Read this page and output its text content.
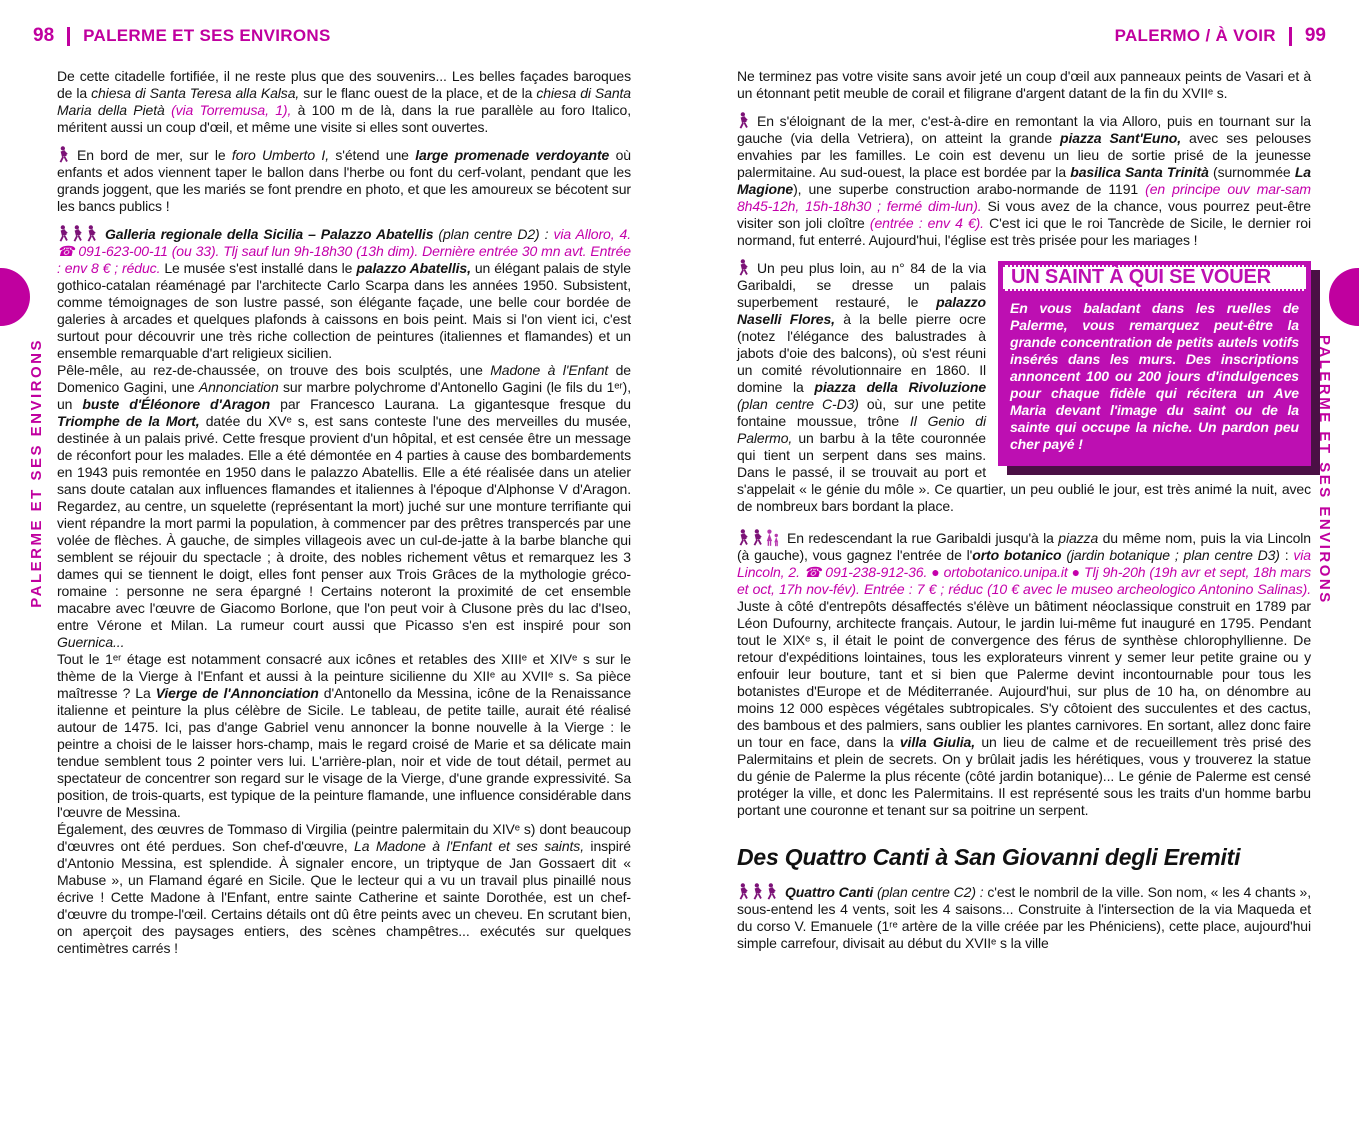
98 PALERME ET SES ENVIRONS	PALERMO / À VOIR 99
PALERME ET SES ENVIRONS	PALERME ET SES ENVIRONS

De cette citadelle fortifiée, il ne reste plus que des souvenirs... Les belles façades baroques de la chiesa di Santa Teresa alla Kalsa, sur le flanc ouest de la place, et de la chiesa di Santa Maria della Pietà (via Torremusa, 1), à 100 m de là, dans la rue parallèle au foro Italico, méritent aussi un coup d'œil, et même une visite si elles sont ouvertes.

En bord de mer, sur le foro Umberto I, s'étend une large promenade verdoyante où enfants et ados viennent taper le ballon dans l'herbe ou font du cerf-volant, pendant que les grands joggent, que les mariés se font prendre en photo, et que les amoureux se bécotent sur les bancs publics !

Galleria regionale della Sicilia – Palazzo Abatellis (plan centre D2) : via Alloro, 4. ☎ 091-623-00-11 (ou 33). Tlj sauf lun 9h-18h30 (13h dim). Dernière entrée 30 mn avt. Entrée : env 8 € ; réduc. Le musée s'est installé dans le palazzo Abatellis, un élégant palais de style gothico-catalan réaménagé par l'architecte Carlo Scarpa dans les années 1950. Subsistent, comme témoignages de son lustre passé, son élégante façade, une belle cour bordée de galeries à arcades et quelques plafonds à caissons en bois peint. Mais si l'on vient ici, c'est surtout pour découvrir une très riche collection de peintures (italiennes et flamandes) et un ensemble remarquable d'art religieux sicilien.

Pêle-mêle, au rez-de-chaussée, on trouve des bois sculptés, une Madone à l'Enfant de Domenico Gagini, une Annonciation sur marbre polychrome d'Antonello Gagini (le fils du 1ᵉʳ), un buste d'Éléonore d'Aragon par Francesco Laurana. La gigantesque fresque du Triomphe de la Mort, datée du XVᵉ s, est sans conteste l'une des merveilles du musée, destinée à un palais privé. Cette fresque provient d'un hôpital, et est censée être un message de réconfort pour les malades. Elle a été démontée en 4 parties à cause des bombardements en 1943 puis remontée en 1950 dans le palazzo Abatellis. Elle a été réalisée dans un atelier sans doute catalan aux influences flamandes et italiennes à l'époque d'Alphonse V d'Aragon. Regardez, au centre, un squelette (représentant la mort) juché sur une monture terrifiante qui vient répandre la mort parmi la population, à commencer par des prêtres transpercés par une volée de flèches. À gauche, de simples villageois avec un cul-de-jatte à la barbe blanche qui semblent se réjouir du spectacle ; à droite, des nobles richement vêtus et remarquez les 3 dames qui se tiennent le doigt, elles font penser aux Trois Grâces de la mythologie gréco-romaine : personne ne sera épargné ! Certains noteront la proximité de cet ensemble macabre avec l'œuvre de Giacomo Borlone, que l'on peut voir à Clusone près du lac d'Iseo, entre Vérone et Milan. La rumeur court aussi que Picasso s'en est inspiré pour son Guernica...

Tout le 1ᵉʳ étage est notamment consacré aux icônes et retables des XIIIᵉ et XIVᵉ s sur le thème de la Vierge à l'Enfant et aussi à la peinture sicilienne du XIIᵉ au XVIIᵉ s. Sa pièce maîtresse ? La Vierge de l'Annonciation d'Antonello da Messina, icône de la Renaissance italienne et peinture la plus célèbre de Sicile. Le tableau, de petite taille, aurait été réalisé autour de 1475. Ici, pas d'ange Gabriel venu annoncer la bonne nouvelle à la Vierge : le peintre a choisi de le laisser hors-champ, mais le regard croisé de Marie et sa délicate main tendue semblent tous 2 pointer vers lui. L'arrière-plan, noir et vide de tout détail, permet au spectateur de concentrer son regard sur le visage de la Vierge, d'une grande expressivité. Sa position, de trois-quarts, est typique de la peinture flamande, une influence considérable dans l'œuvre de Messina.

Également, des œuvres de Tommaso di Virgilia (peintre palermitain du XIVᵉ s) dont beaucoup d'œuvres ont été perdues. Son chef-d'œuvre, La Madone à l'Enfant et ses saints, inspiré d'Antonio Messina, est splendide. À signaler encore, un triptyque de Jan Gossaert dit « Mabuse », un Flamand égaré en Sicile. Que le lecteur qui a vu un travail plus pinaillé nous écrive ! Cette Madone à l'Enfant, entre sainte Catherine et sainte Dorothée, est un chef-d'œuvre du trompe-l'œil. Certains détails ont dû être peints avec un cheveu. En scrutant bien, on aperçoit des paysages entiers, des scènes champêtres... exécutés sur quelques centimètres carrés !

Ne terminez pas votre visite sans avoir jeté un coup d'œil aux panneaux peints de Vasari et à un étonnant petit meuble de corail et filigrane d'argent datant de la fin du XVIIᵉ s.

En s'éloignant de la mer, c'est-à-dire en remontant la via Alloro, puis en tournant sur la gauche (via della Vetriera), on atteint la grande piazza Sant'Euno, avec ses pelouses envahies par les familles. Le coin est devenu un lieu de sortie prisé de la jeunesse palermitaine. Au sud-ouest, la place est bordée par la basilica Santa Trinità (surnommée La Magione), une superbe construction arabo-normande de 1191 (en principe ouv mar-sam 8h45-12h, 15h-18h30 ; fermé dim-lun). Si vous avez de la chance, vous pourrez peut-être visiter son joli cloître (entrée : env 4 €). C'est ici que le roi Tancrède de Sicile, le dernier roi normand, fut enterré. Aujourd'hui, l'église est très prisée pour les mariages !

UN SAINT À QUI SE VOUER
En vous baladant dans les ruelles de Palerme, vous remarquez peut-être la grande concentration de petits autels votifs insérés dans les murs. Des inscriptions annoncent 100 ou 200 jours d'indulgences pour chaque fidèle qui récitera un Ave Maria devant l'image du saint ou de la sainte qui occupe la niche. Un pardon peu cher payé !
Un peu plus loin, au n° 84 de la via Garibaldi, se dresse un palais superbement restauré, le palazzo Naselli Flores, à la belle pierre ocre (notez l'élégance des balustrades à jabots d'oie des balcons), où s'est réuni un comité révolutionnaire en 1860. Il domine la piazza della Rivoluzione (plan centre C-D3) où, sur une petite fontaine moussue, trône Il Genio di Palermo, un barbu à la tête couronnée qui tient un serpent dans ses mains. Dans le passé, il se trouvait au port et s'appelait « le génie du môle ». Ce quartier, un peu oublié le jour, est très animé la nuit, avec de nombreux bars bordant la place.

En redescendant la rue Garibaldi jusqu'à la piazza du même nom, puis la via Lincoln (à gauche), vous gagnez l'entrée de l'orto botanico (jardin botanique ; plan centre D3) : via Lincoln, 2. ☎ 091-238-912-36. ● ortobotanico.unipa.it ● Tlj 9h-20h (19h avr et sept, 18h mars et oct, 17h nov-fév). Entrée : 7 € ; réduc (10 € avec le museo archeologico Antonino Salinas). Juste à côté d'entrepôts désaffectés s'élève un bâtiment néoclassique construit en 1789 par Léon Dufourny, architecte français. Autour, le jardin lui-même fut inauguré en 1795. Pendant tout le XIXᵉ s, il était le point de convergence des férus de synthèse chlorophyllienne. De retour d'expéditions lointaines, tous les explorateurs vinrent y semer leur petite graine ou y enfouir leur bouture, tant et si bien que Palerme devint incontournable pour tous les botanistes d'Europe et de Méditerranée. Aujourd'hui, sur plus de 10 ha, on dénombre au moins 12 000 espèces végétales subtropicales. S'y côtoient des succulentes et des cactus, des bambous et des palmiers, sans oublier les plantes carnivores. En sortant, allez donc faire un tour en face, dans la villa Giulia, un lieu de calme et de recueillement très prisé des Palermitains et plein de secrets. On y brûlait jadis les hérétiques, vous y trouverez la statue du génie de Palerme la plus récente (côté jardin botanique)... Le génie de Palerme est censé protéger la ville, et donc les Palermitains. Il est représenté sous les traits d'un homme barbu portant une couronne et tenant sur sa poitrine un serpent.

Des Quattro Canti à San Giovanni degli Eremiti

Quattro Canti (plan centre C2) : c'est le nombril de la ville. Son nom, « les 4 chants », sous-entend les 4 vents, soit les 4 saisons... Construite à l'intersection de la via Maqueda et du corso V. Emanuele (1ʳᵉ artère de la ville créée par les Phéniciens), cette place, aujourd'hui simple carrefour, divisait au début du XVIIᵉ s la ville
